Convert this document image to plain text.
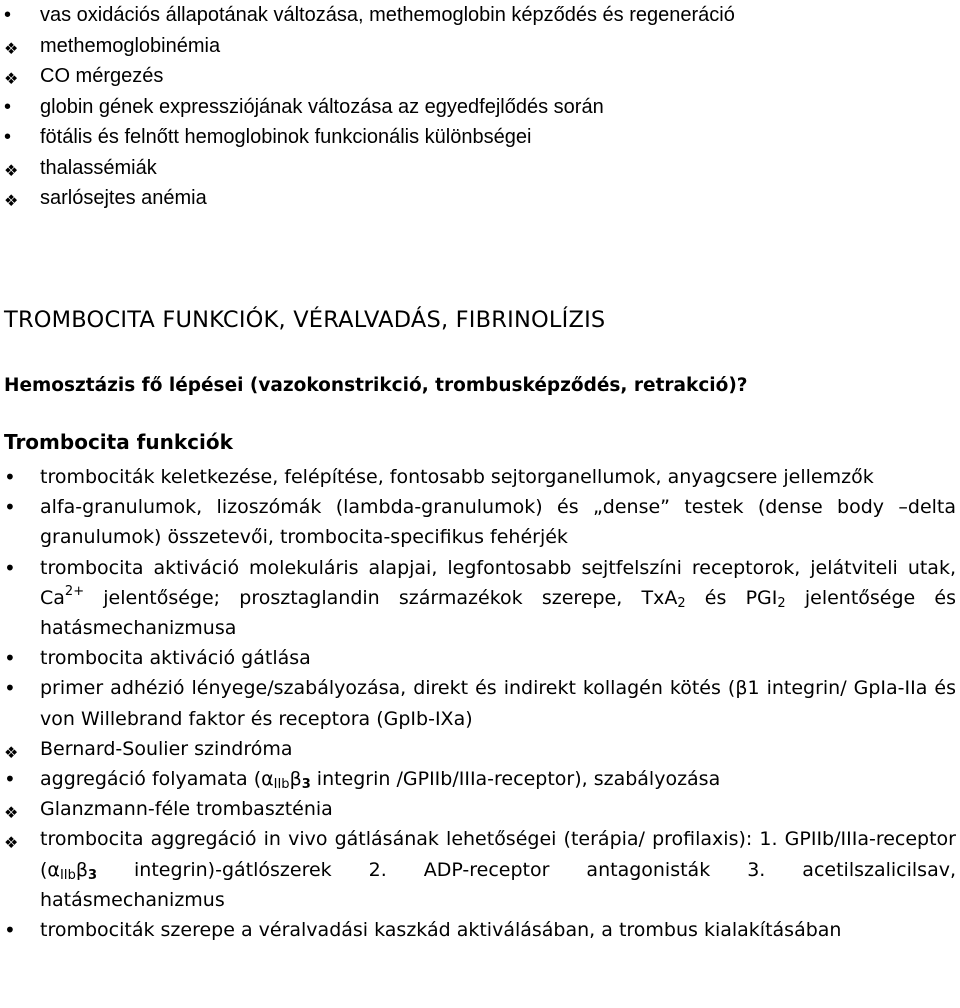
•	vas oxidációs állapotának változása, methemoglobin képződés és regeneráció
❖	methemoglobinémia
❖	CO mérgezés
•	globin gének expressziójának változása az egyedfejlődés során
•	fötális és felnőtt hemoglobinok funkcionális különbségei
❖	thalassémiák
❖	sarlósejtes anémia
TROMBOCITA FUNKCIÓK, VÉRALVADÁS, FIBRINOLÍZIS
Hemosztázis fő lépései (vazokonstrikció, trombusképződés, retrakció)?
Trombocita funkciók
•	trombociták keletkezése, felépítése, fontosabb sejtorganellumok, anyagcsere jellemzők
•	alfa-granulumok, lizoszómák (lambda-granulumok) és „dense” testek (dense body –delta granulumok) összetevői, trombocita-specifikus fehérjék
•	trombocita aktiváció molekuláris alapjai, legfontosabb sejtfelszíni receptorok, jelátviteli utak, $Ca^{2+}$ jelentősége; prosztaglandin származékok szerepe, TxA$_2$ és $PGI_2$ jelentősége és hatásmechanizmusa
•	trombocita aktiváció gátlása
•	primer adhézió lényege/szabályozása, direkt és indirekt kollagén kötés (β1 integrin/ GpIa-IIa és von Willebrand faktor és receptora (GpIb-IXa)
❖	Bernard-Soulier szindróma
•	aggregáció folyamata ($\alpha_{IIb}\beta 3$ integrin /GPIIb/IIIa-receptor), szabályozása
❖	Glanzmann-féle trombaszténia
❖	trombocita aggregáció in vivo gátlásának lehetőségei (terápia/ profilaxis): 1. GPIIb/IIIa-receptor ($\alpha_{IIb}\beta 3$ integrin)-gátlószerek 2. ADP-receptor antagonisták 3. acetilszalicilsav, hatásmechanizmus
•	trombociták szerepe a véralvadási kaszkád aktiválásában, a trombus kialakításában
